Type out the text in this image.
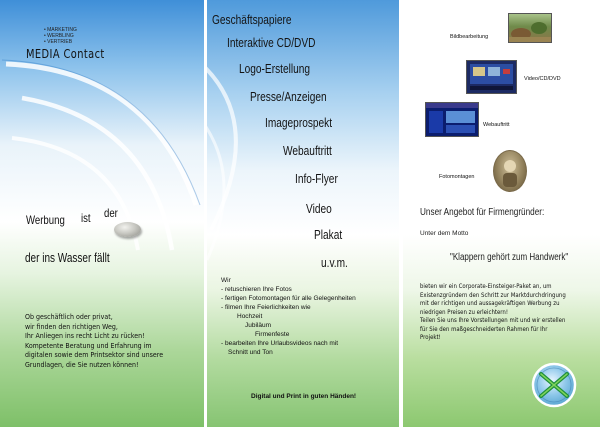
• MARKETING
• WERBLING
• VERTRIEB
MEDIA Contact
Werbung ist der
der ins Wasser fällt
Ob geschäftlich oder privat,
wir finden den richtigen Weg,
Ihr Anliegen ins recht Licht zu rücken!
Kompetente Beratung und Erfahrung im
digitalen sowie dem Printsektor sind unsere
Grundlagen, die Sie nutzen können!
Geschäftspapiere
Interaktive CD/DVD
Logo-Erstellung
Presse/Anzeigen
Imageprospekt
Webauftritt
Info-Flyer
Video
Plakat
u.v.m.
Wir
- retuschieren Ihre Fotos
- fertigen Fotomontagen für alle Gelegenheiten
- filmen Ihre Feierlichkeiten wie
Hochzeit
Jubiläum
Firmenfeste
- bearbeiten Ihre Urlaubsvideos nach mit
Schnitt und Ton
Digital und Print in guten Händen!
Bildbearbeitung
Video/CD/DVD
Webauftritt
Fotomontagen
Unser Angebot für Firmengründer:
Unter dem Motto
"Klappern gehört zum Handwerk"
bieten wir ein Corporate-Einsteiger-Paket an, um
Existenzgründern den Schritt zur Marktdurchdringung
mit der richtigen und aussagekräftigen Werbung zu
niedrigen Preisen zu erleichtern!
Teilen Sie uns Ihre Vorstellungen mit und wir erstellen
für Sie den maßgeschneiderten Rahmen für Ihr
Projekt!
